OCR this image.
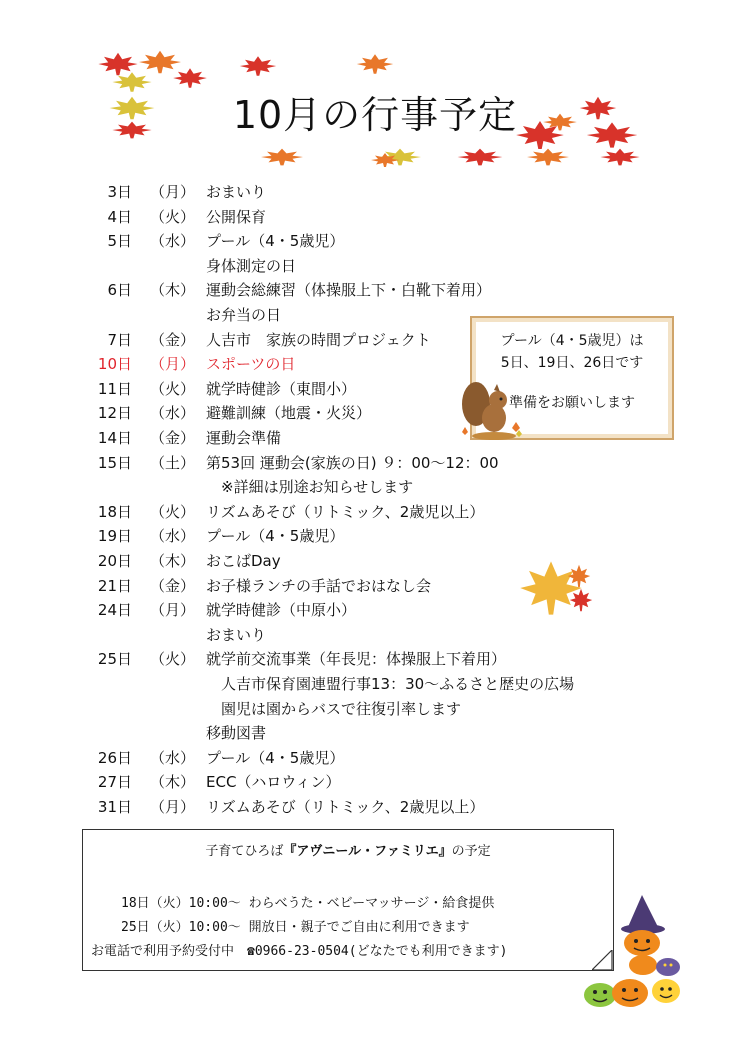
10月の行事予定
3日 （月） おまいり
4日 （火） 公開保育
5日 （水） プール（4・5歳児）
身体測定の日
6日 （木） 運動会総練習（体操服上下・白靴下着用）
お弁当の日
7日 （金） 人吉市　家族の時間プロジェクト
10日 （月） スポーツの日
11日 （火） 就学時健診（東間小）
12日 （水） 避難訓練（地震・火災）
14日 （金） 運動会準備
15日 （土） 第53回 運動会(家族の日) ９：00～12：00
　※詳細は別途お知らせします
18日 （火） リズムあそび（リトミック、2歳児以上）
19日 （水） プール（4・5歳児）
20日 （木） おこばDay
21日 （金） お子様ランチの手話でおはなし会
24日 （月） 就学時健診（中原小）
おまいり
25日 （火） 就学前交流事業（年長児：体操服上下着用）
　人吉市保育園連盟行事13：30～ふるさと歴史の広場
　園児は園からバスで往復引率します
移動図書
26日 （水） プール（4・5歳児）
27日 （木） ECC（ハロウィン）
31日 （月） リズムあそび（リトミック、2歳児以上）
プール（4・5歳児）は
5日、19日、26日です
準備をお願いします
子育てひろば『アヴニール・ファミリエ』の予定
18日（火）10:00～ わらべうた・ベビーマッサージ・給食提供
25日（火）10:00～ 開放日・親子でご自由に利用できます
お電話で利用予約受付中　☎0966-23-0504(どなたでも利用できます)
